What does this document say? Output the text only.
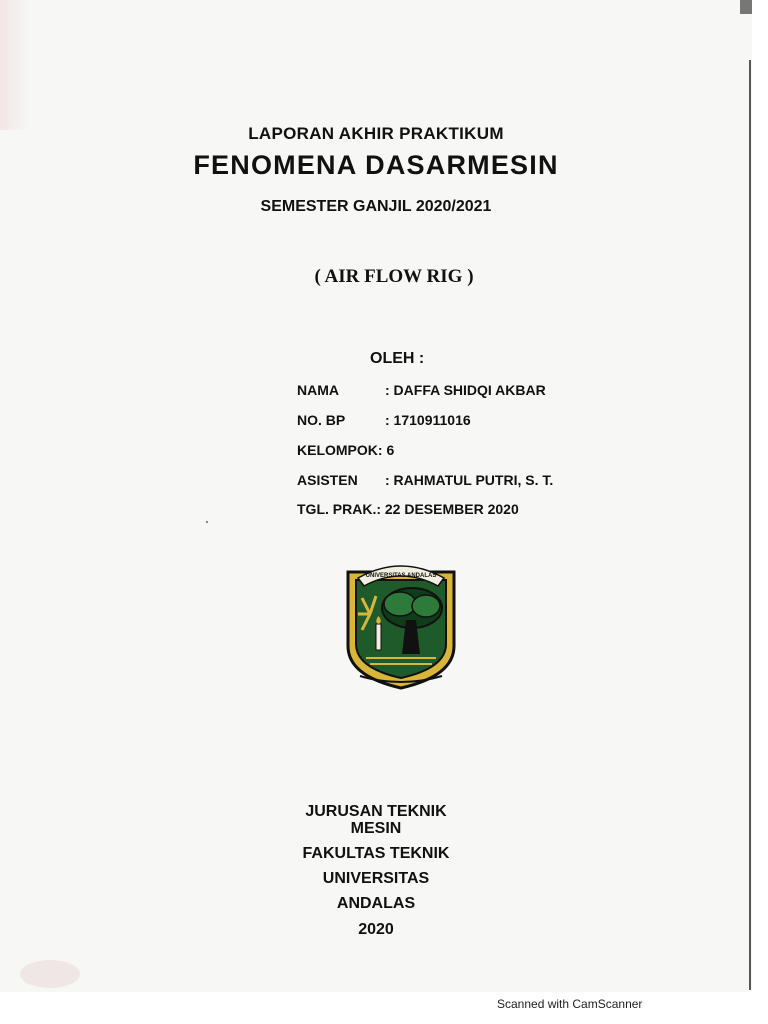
LAPORAN AKHIR PRAKTIKUM
FENOMENA DASARMESIN
SEMESTER GANJIL 2020/2021
( AIR FLOW RIG )
OLEH :
NAMA	: DAFFA SHIDQI AKBAR
NO. BP	: 1710911016
KELOMPOK: 6
ASISTEN : RAHMATUL PUTRI, S. T.
TGL. PRAK.: 22 DESEMBER 2020
UNIVERSITAS ANDALAS
JURUSAN TEKNIK
MESIN
FAKULTAS TEKNIK
UNIVERSITAS
ANDALAS
2020
Scanned with CamScanner
